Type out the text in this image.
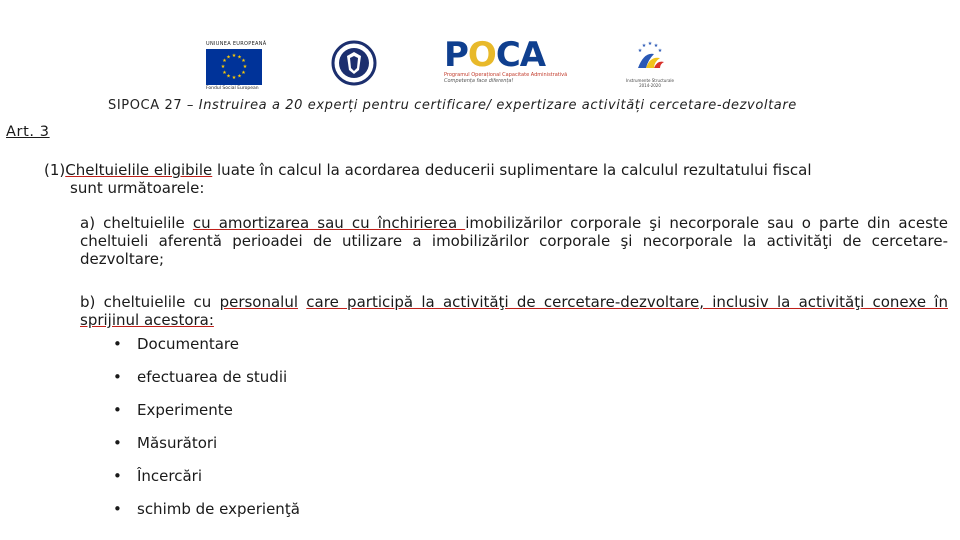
UNIUNEA EUROPEANĂ
★ ★
★
★
★
★
★
★
★
★
★
★
Fondul Social European
POCA
Programul Operațional Capacitate Administrativă
Competența face diferența!
★ ★
★
★	★
Instrumente Structurale
2014-2020
SIPOCA 27 – Instruirea a 20 experți pentru certificare/ expertizare activități cercetare-dezvoltare
Art. 3
(1)Cheltuielile eligibile luate în calcul la acordarea deducerii suplimentare la calculul rezultatului fiscal
sunt următoarele:
a) cheltuielile cu amortizarea sau cu închirierea imobilizărilor corporale şi necorporale sau o parte din aceste cheltuieli aferentă perioadei de utilizare a imobilizărilor corporale şi necorporale la activităţi de cercetare-dezvoltare;
b) cheltuielile cu personalul care participă la activităţi de cercetare-dezvoltare, inclusiv la activităţi conexe în sprijinul acestora:
• Documentare
• efectuarea de studii
• Experimente
• Măsurători
• Încercări
• schimb de experienţă
